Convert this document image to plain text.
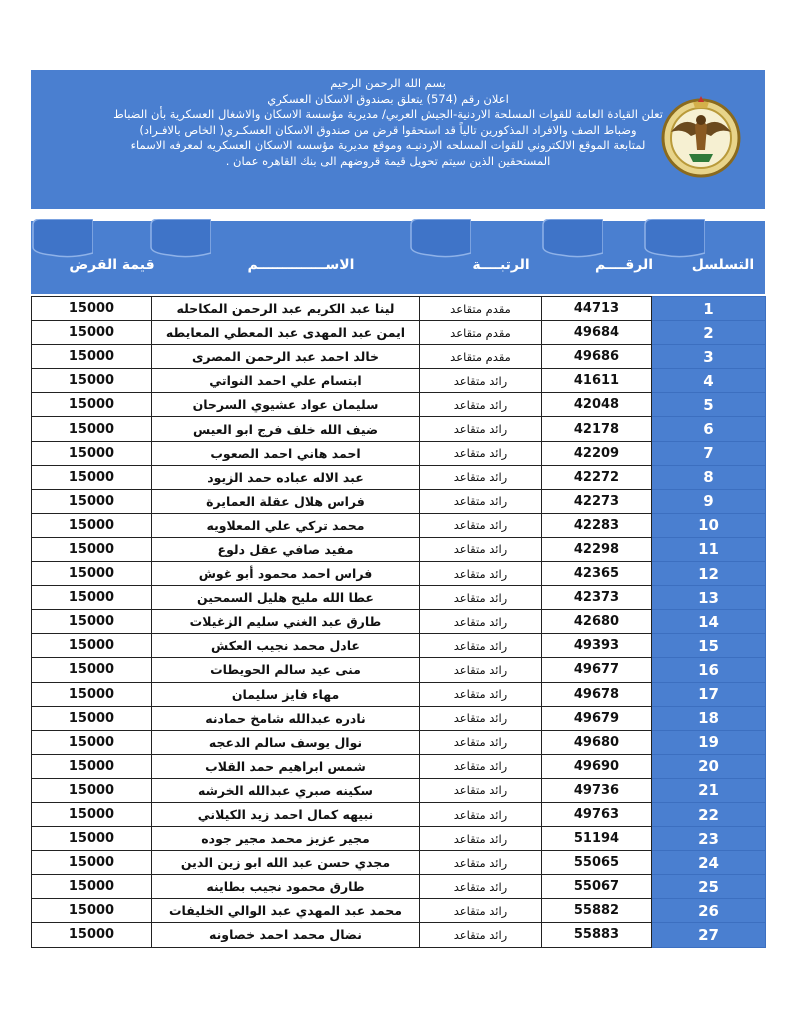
بسم الله الرحمن الرحيم
اعلان رقم (574) يتعلق بصندوق الاسكان العسكري
تعلن القيادة العامة للقوات المسلحة الاردنية-الجيش العربي/ مديرية مؤسسة الاسكان والاشغال العسكرية بأن الضباط
وضباط الصف والافراد المذكورين تالياً قد استحقوا قرض من صندوق الاسكان العسكـري( الخاص بالافـراد)
لمتابعة الموقع الالكتروني للقوات المسلحه الاردنيـه وموقع مديرية مؤسسه الاسكان العسكريه لمعرفه الاسماء
المستحقين الذين سيتم تحويل قيمة قروضهم الى بنك القاهره عمان .
قيمة القرض	الاســــــــــــــم	الرتبــــة	الرقــــم	التسلسل
15000	لينا عبد الكريم عبد الرحمن المكاحله	مقدم متقاعد	44713	1
15000	ايمن عبد المهدى عبد المعطي المعايطه	مقدم متقاعد	49684	2
15000	خالد احمد عبد الرحمن المصرى	مقدم متقاعد	49686	3
15000	ابتسام علي احمد النواتي	رائد متقاعد	41611	4
15000	سليمان عواد عشيوي السرحان	رائد متقاعد	42048	5
15000	ضيف الله خلف فرج ابو العيس	رائد متقاعد	42178	6
15000	احمد هاني احمد الصعوب	رائد متقاعد	42209	7
15000	عبد الاله عباده حمد الزيود	رائد متقاعد	42272	8
15000	فراس هلال عقلة العمايرة	رائد متقاعد	42273	9
15000	محمد تركي علي المعلاويه	رائد متقاعد	42283	10
15000	مفيد صافي عقل دلوع	رائد متقاعد	42298	11
15000	فراس احمد محمود أبو غوش	رائد متقاعد	42365	12
15000	عطا الله مليح هليل السمحين	رائد متقاعد	42373	13
15000	طارق عبد الغني سليم الزغيلات	رائد متقاعد	42680	14
15000	عادل محمد نجيب العكش	رائد متقاعد	49393	15
15000	منى عيد سالم الحويطات	رائد متقاعد	49677	16
15000	مهاء فايز سليمان	رائد متقاعد	49678	17
15000	نادره عبدالله شامخ حمادنه	رائد متقاعد	49679	18
15000	نوال يوسف سالم الدعجه	رائد متقاعد	49680	19
15000	شمس ابراهيم حمد القلاب	رائد متقاعد	49690	20
15000	سكينه صبري عبدالله الخرشه	رائد متقاعد	49736	21
15000	نبيهه كمال احمد زيد الكيلاني	رائد متقاعد	49763	22
15000	مجير عزيز محمد مجير جوده	رائد متقاعد	51194	23
15000	مجدي حسن عبد الله ابو زين الدين	رائد متقاعد	55065	24
15000	طارق محمود نجيب بطاينه	رائد متقاعد	55067	25
15000	محمد عبد المهدي عبد الوالي الخليفات	رائد متقاعد	55882	26
15000	نضال محمد احمد خصاونه	رائد متقاعد	55883	27
